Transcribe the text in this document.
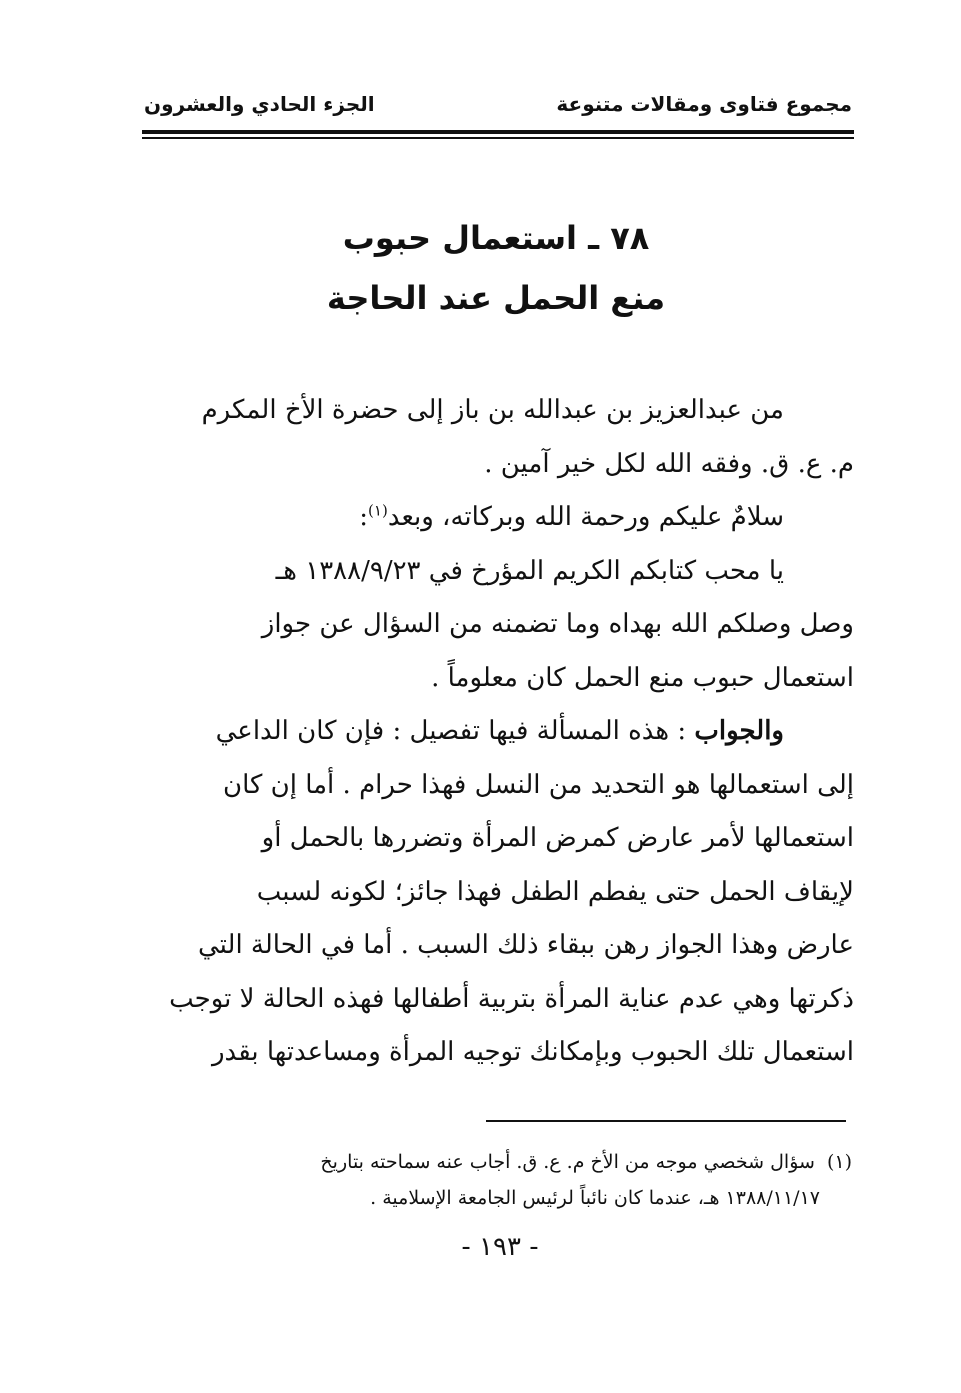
مجموع فتاوى ومقالات متنوعة
الجزء الحادي والعشرون
٧٨ ـ استعمال حبوب
منع الحمل عند الحاجة

من عبدالعزيز بن عبدالله بن باز إلى حضرة الأخ المكرم
م. ع. ق. وفقه الله لكل خير آمين .

سلامٌ عليكم ورحمة الله وبركاته، وبعد$^{(١)}$:

يا محب كتابكم الكريم المؤرخ في ١٣٨٨/٩/٢٣ هـ
وصل وصلكم الله بهداه وما تضمنه من السؤال عن جواز
استعمال حبوب منع الحمل كان معلوماً .

والجواب : هذه المسألة فيها تفصيل : فإن كان الداعي
إلى استعمالها هو التحديد من النسل فهذا حرام . أما إن كان
استعمالها لأمر عارض كمرض المرأة وتضررها بالحمل أو
لإيقاف الحمل حتى يفطم الطفل فهذا جائز؛ لكونه لسبب
عارض وهذا الجواز رهن ببقاء ذلك السبب . أما في الحالة التي
ذكرتها وهي عدم عناية المرأة بتربية أطفالها فهذه الحالة لا توجب
استعمال تلك الحبوب وبإمكانك توجيه المرأة ومساعدتها بقدر

(١)سؤال شخصي موجه من الأخ م. ع. ق. أجاب عنه سماحته بتاريخ
١٣٨٨/١١/١٧ هـ، عندما كان نائباً لرئيس الجامعة الإسلامية .
- ١٩٣ -
